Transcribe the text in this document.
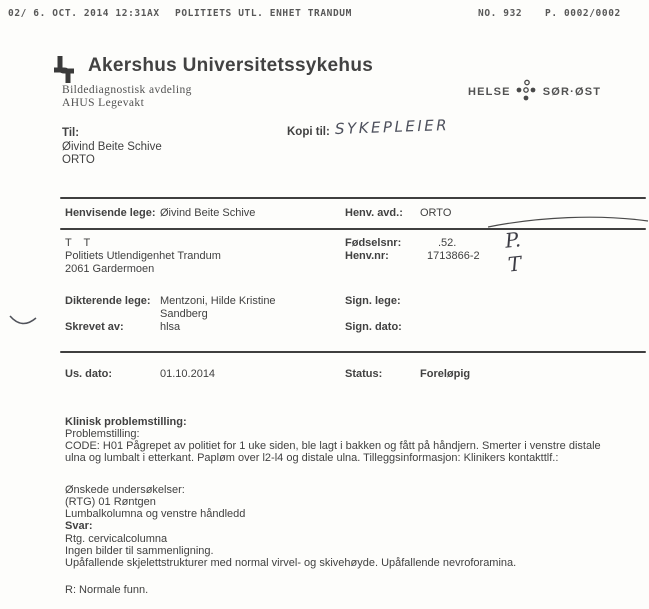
02/ 6. OCT. 2014 12:31AX POLITIETS UTL. ENHET TRANDUM	NO. 932 P. 0002/0002
Akershus Universitetssykehus
Bildediagnostisk avdeling
AHUS Legevakt
HELSE	SØR·ØST
Til:
Øivind Beite Schive
ORTO
Kopi til: SYKEPLEIER
Henvisende lege: Øivind Beite Schive	Henv. avd.: ORTO
T    T
Politiets Utlendigenhet Trandum
2061 Gardermoen
Fødselsnr:	.52.
Henv.nr:	1713866-2
P.
T
Dikterende lege: Mentzoni, Hilde Kristine
Sandberg
Sign. lege:
Skrevet av:	hlsa	Sign. dato:
Us. dato:	01.10.2014	Status:	Foreløpig
Klinisk problemstilling:
Problemstilling:
CODE: H01 Pågrepet av politiet for 1 uke siden, ble lagt i bakken og fått på håndjern. Smerter i venstre distale
ulna og lumbalt i etterkant. Papløm over l2-l4 og distale ulna. Tilleggsinformasjon: Klinikers kontakttlf.:
Ønskede undersøkelser:
(RTG) 01 Røntgen
Lumbalkolumna og venstre håndledd
Svar:
Rtg. cervicalcolumna
Ingen bilder til sammenligning.
Upåfallende skjelettstrukturer med normal virvel- og skivehøyde. Upåfallende nevroforamina.
R: Normale funn.
